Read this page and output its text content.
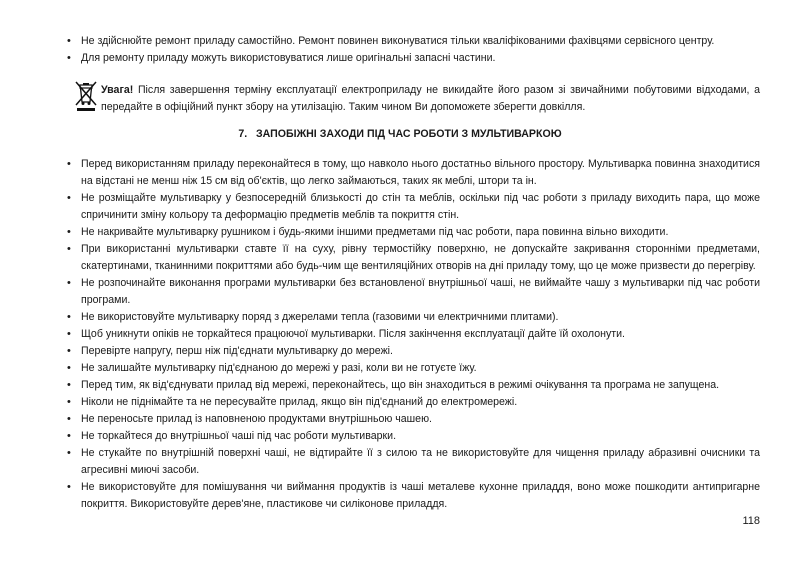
• Не здійснюйте ремонт приладу самостійно. Ремонт повинен виконуватися тільки кваліфікованими фахівцями сервісного центру.
• Для ремонту приладу можуть використовуватися лише оригінальні запасні частини.
Увага! Після завершення терміну експлуатації електроприладу не викидайте його разом зі звичайними побутовими відходами, а передайте в офіційний пункт збору на утилізацію. Таким чином Ви допоможете зберегти довкілля.
7.   ЗАПОБІЖНІ ЗАХОДИ ПІД ЧАС РОБОТИ З МУЛЬТИВАРКОЮ
• Перед використанням приладу переконайтеся в тому, що навколо нього достатньо вільного простору. Мультиварка повинна знаходитися на відстані не менш ніж 15 см від об'єктів, що легко займаються, таких як меблі, штори та ін.
• Не розміщайте мультиварку у безпосередній близькості до стін та меблів, оскільки під час роботи з приладу виходить пара, що може спричинити зміну кольору та деформацію предметів меблів та покриття стін.
• Не накривайте мультиварку рушником і будь-якими іншими предметами під час роботи, пара повинна вільно виходити.
• При використанні мультиварки ставте її на суху, рівну термостійку поверхню, не допускайте закривання сторонніми предметами, скатертинами, тканинними покриттями або будь-чим ще вентиляційних отворів на дні приладу тому, що це може призвести до перегріву.
• Не розпочинайте виконання програми мультиварки без встановленої внутрішньої чаші, не виймайте чашу з мультиварки під час роботи програми.
• Не використовуйте мультиварку поряд з джерелами тепла (газовими чи електричними плитами).
• Щоб уникнути опіків не торкайтеся працюючої мультиварки. Після закінчення експлуатації дайте їй охолонути.
• Перевірте напругу, перш ніж під'єднати мультиварку до мережі.
• Не залишайте мультиварку під'єднаною до мережі у разі, коли ви не готуєте їжу.
• Перед тим, як від'єднувати прилад від мережі, переконайтесь, що він знаходиться в режимі очікування та програма не запущена.
• Ніколи не піднімайте та не пересувайте прилад, якщо він під'єднаний до електромережі.
• Не переносьте прилад із наповненою продуктами внутрішньою чашею.
• Не торкайтеся до внутрішньої чаші під час роботи мультиварки.
• Не стукайте по внутрішній поверхні чаші, не відтирайте її з силою та не використовуйте для чищення приладу абразивні очисники та агресивні миючі засоби.
• Не використовуйте для помішування чи виймання продуктів із чаші металеве кухонне приладдя, воно може пошкодити антипригарне покриття. Використовуйте дерев'яне, пластикове чи силіконове приладдя.
118
